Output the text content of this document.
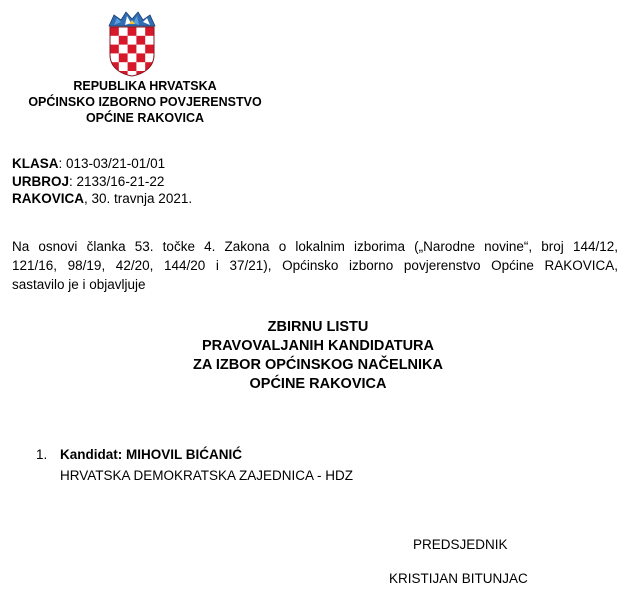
REPUBLIKA HRVATSKA
OPĆINSKO IZBORNO POVJERENSTVO
OPĆINE RAKOVICA
KLASA: 013-03/21-01/01
URBROJ: 2133/16-21-22
RAKOVICA, 30. travnja 2021.
Na osnovi članka 53. točke 4. Zakona o lokalnim izborima („Narodne novine“, broj 144/12,
121/16, 98/19, 42/20, 144/20 i 37/21), Općinsko izborno povjerenstvo Općine RAKOVICA,
sastavilo je i objavljuje
ZBIRNU LISTU
PRAVOVALJANIH KANDIDATURA
ZA IZBOR OPĆINSKOG NAČELNIKA
OPĆINE RAKOVICA
1. Kandidat: MIHOVIL BIĆANIĆ
HRVATSKA DEMOKRATSKA ZAJEDNICA - HDZ
PREDSJEDNIK
KRISTIJAN BITUNJAC
